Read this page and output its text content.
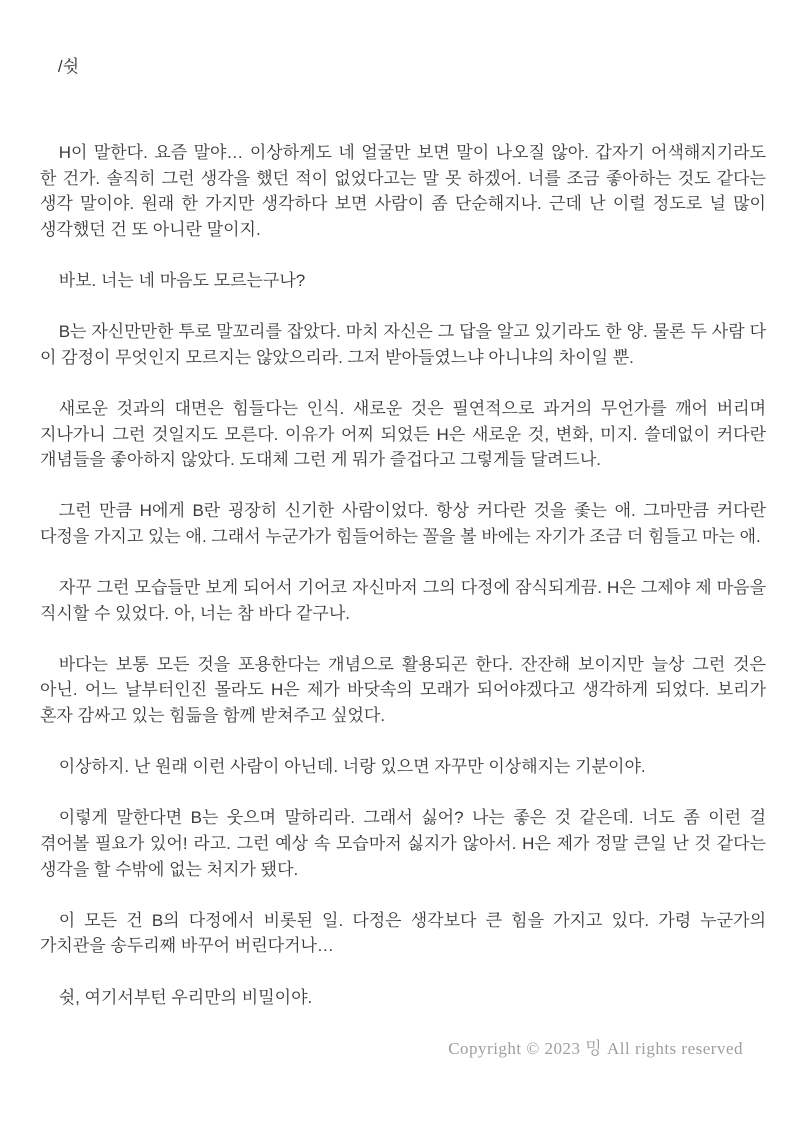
/쉿

H이 말한다. 요즘 말야… 이상하게도 네 얼굴만 보면 말이 나오질 않아. 갑자기 어색해지기라도 한 건가. 솔직히 그런 생각을 했던 적이 없었다고는 말 못 하겠어. 너를 조금 좋아하는 것도 같다는 생각 말이야. 원래 한 가지만 생각하다 보면 사람이 좀 단순해지나. 근데 난 이럴 정도로 널 많이 생각했던 건 또 아니란 말이지.

바보. 너는 네 마음도 모르는구나?

B는 자신만만한 투로 말꼬리를 잡았다. 마치 자신은 그 답을 알고 있기라도 한 양. 물론 두 사람 다 이 감정이 무엇인지 모르지는 않았으리라. 그저 받아들였느냐 아니냐의 차이일 뿐.

새로운 것과의 대면은 힘들다는 인식. 새로운 것은 필연적으로 과거의 무언가를 깨어 버리며 지나가니 그런 것일지도 모른다. 이유가 어찌 되었든 H은 새로운 것, 변화, 미지. 쓸데없이 커다란 개념들을 좋아하지 않았다. 도대체 그런 게 뭐가 즐겁다고 그렇게들 달려드나.

그런 만큼 H에게 B란 굉장히 신기한 사람이었다. 항상 커다란 것을 좇는 애. 그마만큼 커다란 다정을 가지고 있는 애. 그래서 누군가가 힘들어하는 꼴을 볼 바에는 자기가 조금 더 힘들고 마는 애.

자꾸 그런 모습들만 보게 되어서 기어코 자신마저 그의 다정에 잠식되게끔. H은 그제야 제 마음을 직시할 수 있었다. 아, 너는 참 바다 같구나.

바다는 보통 모든 것을 포용한다는 개념으로 활용되곤 한다. 잔잔해 보이지만 늘상 그런 것은 아닌. 어느 날부터인진 몰라도 H은 제가 바닷속의 모래가 되어야겠다고 생각하게 되었다. 보리가 혼자 감싸고 있는 힘듦을 함께 받쳐주고 싶었다.

이상하지. 난 원래 이런 사람이 아닌데. 너랑 있으면 자꾸만 이상해지는 기분이야.

이렇게 말한다면 B는 웃으며 말하리라. 그래서 싫어? 나는 좋은 것 같은데. 너도 좀 이런 걸 겪어볼 필요가 있어! 라고. 그런 예상 속 모습마저 싫지가 않아서. H은 제가 정말 큰일 난 것 같다는 생각을 할 수밖에 없는 처지가 됐다.

이 모든 건 B의 다정에서 비롯된 일. 다정은 생각보다 큰 힘을 가지고 있다. 가령 누군가의 가치관을 송두리째 바꾸어 버린다거나…

쉿, 여기서부턴 우리만의 비밀이야.

Copyright © 2023 밍 All rights reserved
